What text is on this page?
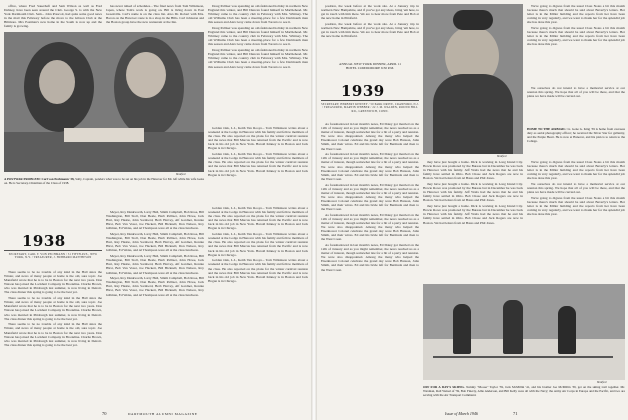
office, where Fred Sauerhaft and Sam Wilson as well as Fred Dabney, have been seen around the Club. George S. is with the New York Dartmouth Club. Sam... John Prescott, had quite some good news in the mail this February before the move to the Gibson Club at the Biltmore. Mrs Eastman's new home in the South is now up and the family is growing.

has never talked of schedules... The final news from Tom Wilkinson, Japan, where Tom's work is going on. Bill is living down in East Greenville. Carl's name is on the class list. Also Dr. Robert with Mrs. Bacon on the Hanover route is in a shop in the Hills. Carl Johnston and the Boston group have the new restaurant at the Inn.

Doug Palliser was spending an old-fashioned holiday in northern New England this winter, and Bill Duncan found himself in Marblehead. Mr. Whitney came to the country club in February with Mrs. Whitney. The old Williams Club has been a meeting-place for a few Dartmouth men this season and Alex Gray came down from Toronto to see it.

Doug Palliser was spending an old-fashioned holiday in northern New England this winter, and Bill Duncan found himself in Marblehead. Mr. Whitney came to the country club in February with Mrs. Whitney. The old Williams Club has been a meeting-place for a few Dartmouth men this season and Alex Gray came down from Toronto to see it.

Doug Palliser was spending an old-fashioned holiday in northern New England this winter, and Bill Duncan found himself in Marblehead. Mr. Whitney came to the country club in February with Mrs. Whitney. The old Williams Club has been a meeting-place for a few Dartmouth men this season and Alex Gray came down from Toronto to see it.

Bradford
A POSTWAR PROBLEM: Carl von Pechmann '38, Sally, Captain, ponders what was to be set on his job in the Hanover for Mr. left while his wife looks on. He is Secretary-Chairman of the Class of 1938.

Golden Oak, L.I., Keith Van Rooye... Tom Wilkinson writes about a weekend at the Lodge in Hanover with his family and fellow members of the class. He also reported on the plans for the winter carnival reunion and the news that Bill Marcus has returned from the Pacific and is now back in his old job in New York. Harold Kinney is in Boston and Jack Hogan is in Chicago.

Golden Oak, L.I., Keith Van Rooye... Tom Wilkinson writes about a weekend at the Lodge in Hanover with his family and fellow members of the class. He also reported on the plans for the winter carnival reunion and the news that Bill Marcus has returned from the Pacific and is now back in his old job in New York. Harold Kinney is in Boston and Jack Hogan is in Chicago.

1938
SECRETARY, CARL F. VON PECHMANN / 31 FIFTH AVE., NEW YORK, N.Y. / TREASURER, J. HUBBARD MATTHESON

There seems to be no trouble of any kind in the Hall since the Winter, and news of many people at home is the old, sure topic. Joe Mansfield wrote that he is to be in Boston for the next two years. Don Watson has joined the Lockhart Company in Brookline. Charlie Brown, who was married in Pittsburgh last summer, is now living in Detroit. The class dinner this spring is going to be the best yet.

There seems to be no trouble of any kind in the Hall since the Winter, and news of many people at home is the old, sure topic. Joe Mansfield wrote that he is to be in Boston for the next two years. Don Watson has joined the Lockhart Company in Brookline. Charlie Brown, who was married in Pittsburgh last summer, is now living in Detroit. The class dinner this spring is going to be the best yet.

There seems to be no trouble of any kind in the Hall since the Winter, and news of many people at home is the old, sure topic. Joe Mansfield wrote that he is to be in Boston for the next two years. Don Watson has joined the Lockhart Company in Brookline. Charlie Brown, who was married in Pittsburgh last summer, is now living in Detroit. The class dinner this spring is going to be the best yet.

Meyer, Roy Dunkworth, Larry Hall, Smith Campbell, Bob Rose, Bill Washington, Bill Stoll, Don Beale, Herb Palliser, John Howe, Jack Hart, Ray Hastie, John Sornberd, Herb Harvey, Alf Gardner, Ronnie Hirst, Bob Van Voast, Joe Hackett, Bill Bicknell, Don Nelson, Roy Gillman, Ed Weiss, and Al Thompson were all at the class luncheon.

Meyer, Roy Dunkworth, Larry Hall, Smith Campbell, Bob Rose, Bill Washington, Bill Stoll, Don Beale, Herb Palliser, John Howe, Jack Hart, Ray Hastie, John Sornberd, Herb Harvey, Alf Gardner, Ronnie Hirst, Bob Van Voast, Joe Hackett, Bill Bicknell, Don Nelson, Roy Gillman, Ed Weiss, and Al Thompson were all at the class luncheon.

Meyer, Roy Dunkworth, Larry Hall, Smith Campbell, Bob Rose, Bill Washington, Bill Stoll, Don Beale, Herb Palliser, John Howe, Jack Hart, Ray Hastie, John Sornberd, Herb Harvey, Alf Gardner, Ronnie Hirst, Bob Van Voast, Joe Hackett, Bill Bicknell, Don Nelson, Roy Gillman, Ed Weiss, and Al Thompson were all at the class luncheon.

Meyer, Roy Dunkworth, Larry Hall, Smith Campbell, Bob Rose, Bill Washington, Bill Stoll, Don Beale, Herb Palliser, John Howe, Jack Hart, Ray Hastie, John Sornberd, Herb Harvey, Alf Gardner, Ronnie Hirst, Bob Van Voast, Joe Hackett, Bill Bicknell, Don Nelson, Roy Gillman, Ed Weiss, and Al Thompson were all at the class luncheon.

Golden Oak, L.I., Keith Van Rooye... Tom Wilkinson writes about a weekend at the Lodge in Hanover with his family and fellow members of the class. He also reported on the plans for the winter carnival reunion and the news that Bill Marcus has returned from the Pacific and is now back in his old job in New York. Harold Kinney is in Boston and Jack Hogan is in Chicago.

Golden Oak, L.I., Keith Van Rooye... Tom Wilkinson writes about a weekend at the Lodge in Hanover with his family and fellow members of the class. He also reported on the plans for the winter carnival reunion and the news that Bill Marcus has returned from the Pacific and is now back in his old job in New York. Harold Kinney is in Boston and Jack Hogan is in Chicago.

Golden Oak, L.I., Keith Van Rooye... Tom Wilkinson writes about a weekend at the Lodge in Hanover with his family and fellow members of the class. He also reported on the plans for the winter carnival reunion and the news that Bill Marcus has returned from the Pacific and is now back in his old job in New York. Harold Kinney is in Boston and Jack Hogan is in Chicago.

70	DARTMOUTH ALUMNI MAGAZINE

position, the week before at the work site. At a January trip in northern New Hampshire, and if you've got any ideas, bring 'em here, to get in touch with him there. We are to hear more from Pete and Bob at the new home in Pittsfield.

position, the week before at the work site. At a January trip in northern New Hampshire, and if you've got any ideas, bring 'em here, to get in touch with him there. We are to hear more from Pete and Bob at the new home in Pittsfield.

ANNUAL NEW YORK DINNER, APRIL 11
HOTEL COMMODORE 6:30 P.M.
1939
SECRETARY, HERBERT KENNEY / 50 PARK DRIVE, CRANFORD, N.J. / TREASURER, MARTIN WEBBER / 22 J. M. WALDEN, ROUND HILL RD., GREENWICH, CONN.

As foreshadowed in last month's notes, Ed Daley got married on the 12th of January and as you might remember, the news reached us as a matter of interest, though somewhat late for a bit of a party and reunion. We were also disappointed. Among the many who helped the Eisenhower Colonel celebrate the grand day were Bob Hanson, John Smith, and their wives. Ed and his bride left for Bermuda and then to the West Coast.

As foreshadowed in last month's notes, Ed Daley got married on the 12th of January and as you might remember, the news reached us as a matter of interest, though somewhat late for a bit of a party and reunion. We were also disappointed. Among the many who helped the Eisenhower Colonel celebrate the grand day were Bob Hanson, John Smith, and their wives. Ed and his bride left for Bermuda and then to the West Coast.

As foreshadowed in last month's notes, Ed Daley got married on the 12th of January and as you might remember, the news reached us as a matter of interest, though somewhat late for a bit of a party and reunion. We were also disappointed. Among the many who helped the Eisenhower Colonel celebrate the grand day were Bob Hanson, John Smith, and their wives. Ed and his bride left for Bermuda and then to the West Coast.

As foreshadowed in last month's notes, Ed Daley got married on the 12th of January and as you might remember, the news reached us as a matter of interest, though somewhat late for a bit of a party and reunion. We were also disappointed. Among the many who helped the Eisenhower Colonel celebrate the grand day were Bob Hanson, John Smith, and their wives. Ed and his bride left for Bermuda and then to the West Coast.

As foreshadowed in last month's notes, Ed Daley got married on the 12th of January and as you might remember, the news reached us as a matter of interest, though somewhat late for a bit of a party and reunion. We were also disappointed. Among the many who helped the Eisenhower Colonel celebrate the grand day were Bob Hanson, John Smith, and their wives. Ed and his bride left for Bermuda and then to the West Coast.

Bradford

they have just bought a home. Dick is working in Long Island City. Howie Rowe was promoted by the Bureau but in December he was back in Hanover with his family. Jeff Watts had the news that he and his family have settled in Ohio. Bob Chase and Jack Rogers are now in Boston. We had letters from Al Bates and Phil Jones.

they have just bought a home. Dick is working in Long Island City. Howie Rowe was promoted by the Bureau but in December he was back in Hanover with his family. Jeff Watts had the news that he and his family have settled in Ohio. Bob Chase and Jack Rogers are now in Boston. We had letters from Al Bates and Phil Jones.

they have just bought a home. Dick is working in Long Island City. Howie Rowe was promoted by the Bureau but in December he was back in Hanover with his family. Jeff Watts had the news that he and his family have settled in Ohio. Bob Chase and Jack Rogers are now in Boston. We had letters from Al Bates and Phil Jones.

We're going to digress from the usual Class Notes a bit this month because there's much that should be said about Beverly's letters. Her letter is in the Miller building and the reports from her have been coming in very regularly, and we want to thank her for the splendid job she has done this year.

We're going to digress from the usual Class Notes a bit this month because there's much that should be said about Beverly's letters. Her letter is in the Miller building and the reports from her have been coming in very regularly, and we want to thank her for the splendid job she has done this year.

We ourselves do not intend to have a memorial service at our reunion this spring. We hope that all of you will be there, and that the plans we have made will be carried out.

HOME TO THE AIRMAIL: Lt. Gene G. King '39 is home from overseas duty as aerial photography officer; he received the Silver Star for gallantry, and the Purple Heart. He is now at Hanover, and his plan is to return to the College.

We're going to digress from the usual Class Notes a bit this month because there's much that should be said about Beverly's letters. Her letter is in the Miller building and the reports from her have been coming in very regularly, and we want to thank her for the splendid job she has done this year.

We ourselves do not intend to have a memorial service at our reunion this spring. We hope that all of you will be there, and that the plans we have made will be carried out.

We're going to digress from the usual Class Notes a bit this month because there's much that should be said about Beverly's letters. Her letter is in the Miller building and the reports from her have been coming in very regularly, and we want to thank her for the splendid job she has done this year.

Bradford
OFF FOR A DAY'S SKIING. Tommy "Moose" Taylor '39, Jack McMillin '41, and his brother Joe McMillin '39, get on the skiing trail together. Mr. Waxman, Roll Weisel of '39, Bob Finerty, Allie Anderson, and Bill Kelly were all with the Navy; the Army Air Corps in Europe and the Pacific, and two are serving with the Air Transport Command.
Issue of March 1946	71
